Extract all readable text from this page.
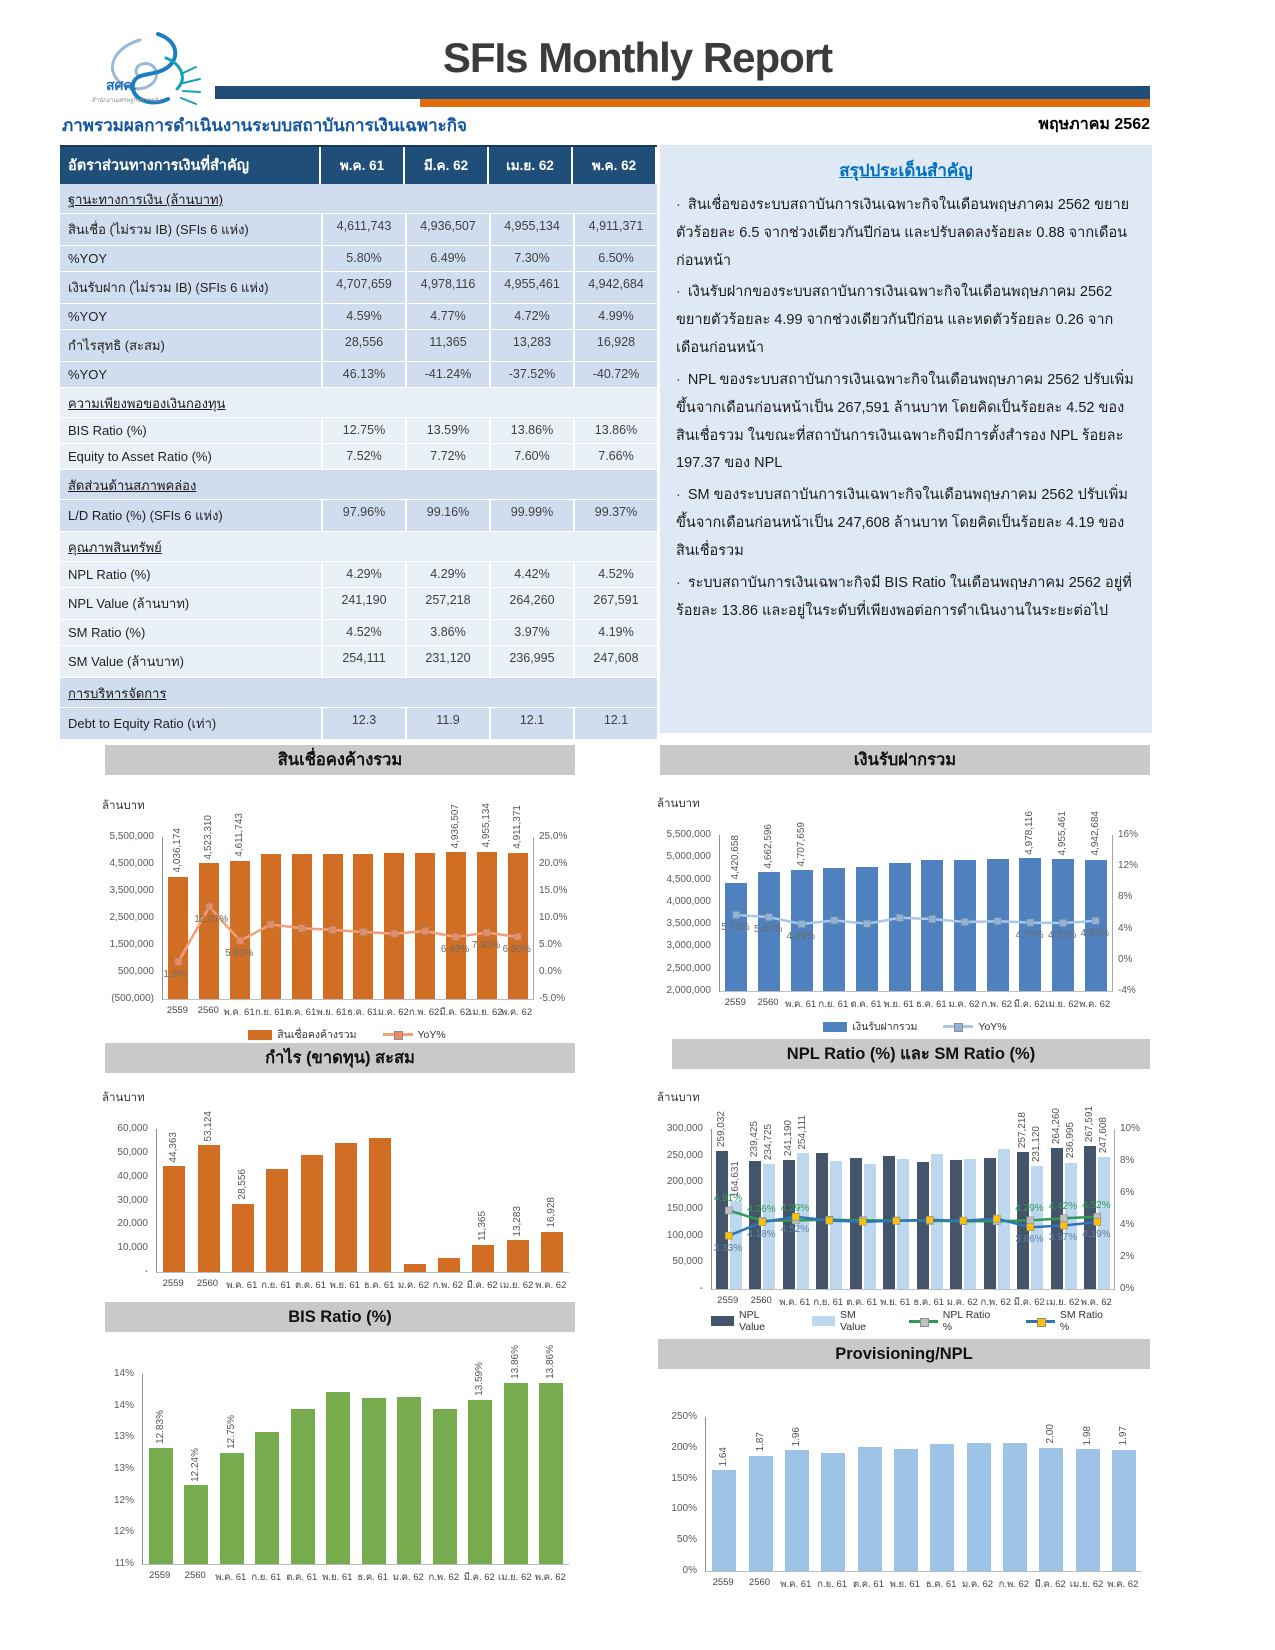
สศค.
สำนักงานเศรษฐกิจการคลัง
SFIs Monthly Report
ภาพรวมผลการดำเนินงานระบบสถาบันการเงินเฉพาะกิจ	พฤษภาคม 2562
อัตราส่วนทางการเงินที่สำคัญ	พ.ค. 61	มี.ค. 62	เม.ย. 62	พ.ค. 62
ฐานะทางการเงิน (ล้านบาท)
สินเชื่อ (ไม่รวม IB) (SFIs 6 แห่ง)	4,611,743	4,936,507	4,955,134	4,911,371
%YOY	5.80%	6.49%	7.30%	6.50%
เงินรับฝาก (ไม่รวม IB) (SFIs 6 แห่ง)	4,707,659	4,978,116	4,955,461	4,942,684
%YOY	4.59%	4.77%	4.72%	4.99%
กำไรสุทธิ (สะสม)	28,556	11,365	13,283	16,928
%YOY	46.13%	-41.24%	-37.52%	-40.72%
ความเพียงพอของเงินกองทุน
BIS Ratio (%)	12.75%	13.59%	13.86%	13.86%
Equity to Asset Ratio (%)	7.52%	7.72%	7.60%	7.66%
สัดส่วนด้านสภาพคล่อง
L/D Ratio (%) (SFIs 6 แห่ง)	97.96%	99.16%	99.99%	99.37%
คุณภาพสินทรัพย์
NPL Ratio (%)	4.29%	4.29%	4.42%	4.52%
NPL Value (ล้านบาท)	241,190	257,218	264,260	267,591
SM Ratio (%)	4.52%	3.86%	3.97%	4.19%
SM Value (ล้านบาท)	254,111	231,120	236,995	247,608
การบริหารจัดการ
Debt to Equity Ratio (เท่า)	12.3	11.9	12.1	12.1
สรุปประเด็นสำคัญ

· สินเชื่อของระบบสถาบันการเงินเฉพาะกิจในเดือนพฤษภาคม 2562 ขยายตัวร้อยละ 6.5 จากช่วงเดียวกันปีก่อน และปรับลดลงร้อยละ 0.88 จากเดือนก่อนหน้า

· เงินรับฝากของระบบสถาบันการเงินเฉพาะกิจในเดือนพฤษภาคม 2562 ขยายตัวร้อยละ 4.99 จากช่วงเดียวกันปีก่อน และหดตัวร้อยละ 0.26 จากเดือนก่อนหน้า

· NPL ของระบบสถาบันการเงินเฉพาะกิจในเดือนพฤษภาคม 2562 ปรับเพิ่มขึ้นจากเดือนก่อนหน้าเป็น 267,591 ล้านบาท โดยคิดเป็นร้อยละ 4.52 ของสินเชื่อรวม ในขณะที่สถาบันการเงินเฉพาะกิจมีการตั้งสำรอง NPL ร้อยละ 197.37 ของ NPL

· SM ของระบบสถาบันการเงินเฉพาะกิจในเดือนพฤษภาคม 2562 ปรับเพิ่มขึ้นจากเดือนก่อนหน้าเป็น 247,608 ล้านบาท โดยคิดเป็นร้อยละ 4.19 ของสินเชื่อรวม

· ระบบสถาบันการเงินเฉพาะกิจมี BIS Ratio ในเดือนพฤษภาคม 2562 อยู่ที่ร้อยละ 13.86 และอยู่ในระดับที่เพียงพอต่อการดำเนินงานในระยะต่อไป

สินเชื่อคงค้างรวม
4,036,174 4,523,310 4,611,743	4,936,507 4,955,134 4,911,371
1.9%
12.07%
5.80%	6.49% 7.30% 6.50%
ล้านบาท
5,500,000
4,500,000
3,500,000
2,500,000
1,500,000
500,000
(500,000)
25.0%
20.0%
15.0%
10.0%
5.0%
0.0%
-5.0%
2559	2560 พ.ค. 61 ก.ย. 61 ต.ค. 61 พ.ย. 61 ธ.ค. 61 ม.ค. 62 ก.พ. 62 มี.ค. 62
เม.ย. 62
พ.ค. 62
สินเชื่อคงค้างรวม	YoY%
เงินรับฝากรวม
4,420,658 4,662,596 4,707,659	4,978,116 4,955,461 4,942,684
5.74% 5.47%
4.59%	4.77% 4.72% 4.99%
ล้านบาท
5,500,000
5,000,000
4,500,000
4,000,000
3,500,000
3,000,000
2,500,000
2,000,000
16%
12%
8%
4%
0%
-4%
2559	2560 พ.ค. 61 ก.ย. 61 ต.ค. 61 พ.ย. 61 ธ.ค. 61 ม.ค. 62 ก.พ. 62 มี.ค. 62 เม.ย. 62 พ.ค. 62
เงินรับฝากรวม	YoY%
กำไร (ขาดทุน) สะสม
44,363
53,124
28,556
11,365 13,283 16,928
ล้านบาท
60,000
50,000
40,000
30,000
20,000
10,000
-
2559	2560 พ.ค. 61 ก.ย. 61 ต.ค. 61 พ.ย. 61 ธ.ค. 61 ม.ค. 62 ก.พ. 62 มี.ค. 62 เม.ย. 62 พ.ค. 62
NPL Ratio (%) และ SM Ratio (%)
259,032 239,425 241,190	257,218 264,260 267,591
164,631
234,725 254,111	231,120 236,995 247,608
4.91%
4.26% 4.29%	4.29% 4.42% 4.52%
3.33%
4.18% 4.52%
3.86% 3.97% 4.19%
ล้านบาท
300,000
250,000
200,000
150,000
100,000
50,000
-
10%
8%
6%
4%
2%
0%
2559	2560 พ.ค. 61 ก.ย. 61 ต.ค. 61 พ.ย. 61 ธ.ค. 61 ม.ค. 62 ก.พ. 62 มี.ค. 62 เม.ย. 62 พ.ค. 62
NPL Value
SM Value
NPL Ratio %
SM Ratio %
BIS Ratio (%)
12.83%
12.24%
12.75%
13.59%
13.86% 13.86%
14%
14%
13%
13%
12%
12%
11%
2559	2560 พ.ค. 61 ก.ย. 61 ต.ค. 61 พ.ย. 61 ธ.ค. 61 ม.ค. 62 ก.พ. 62 มี.ค. 62 เม.ย. 62 พ.ค. 62
Provisioning/NPL
1.64
1.87	1.96	2.00	1.98	1.97
250%
200%
150%
100%
50%
0%
2559	2560	พ.ค. 61 ก.ย. 61 ต.ค. 61 พ.ย. 61 ธ.ค. 61 ม.ค. 62 ก.พ. 62 มี.ค. 62 เม.ย. 62 พ.ค. 62
